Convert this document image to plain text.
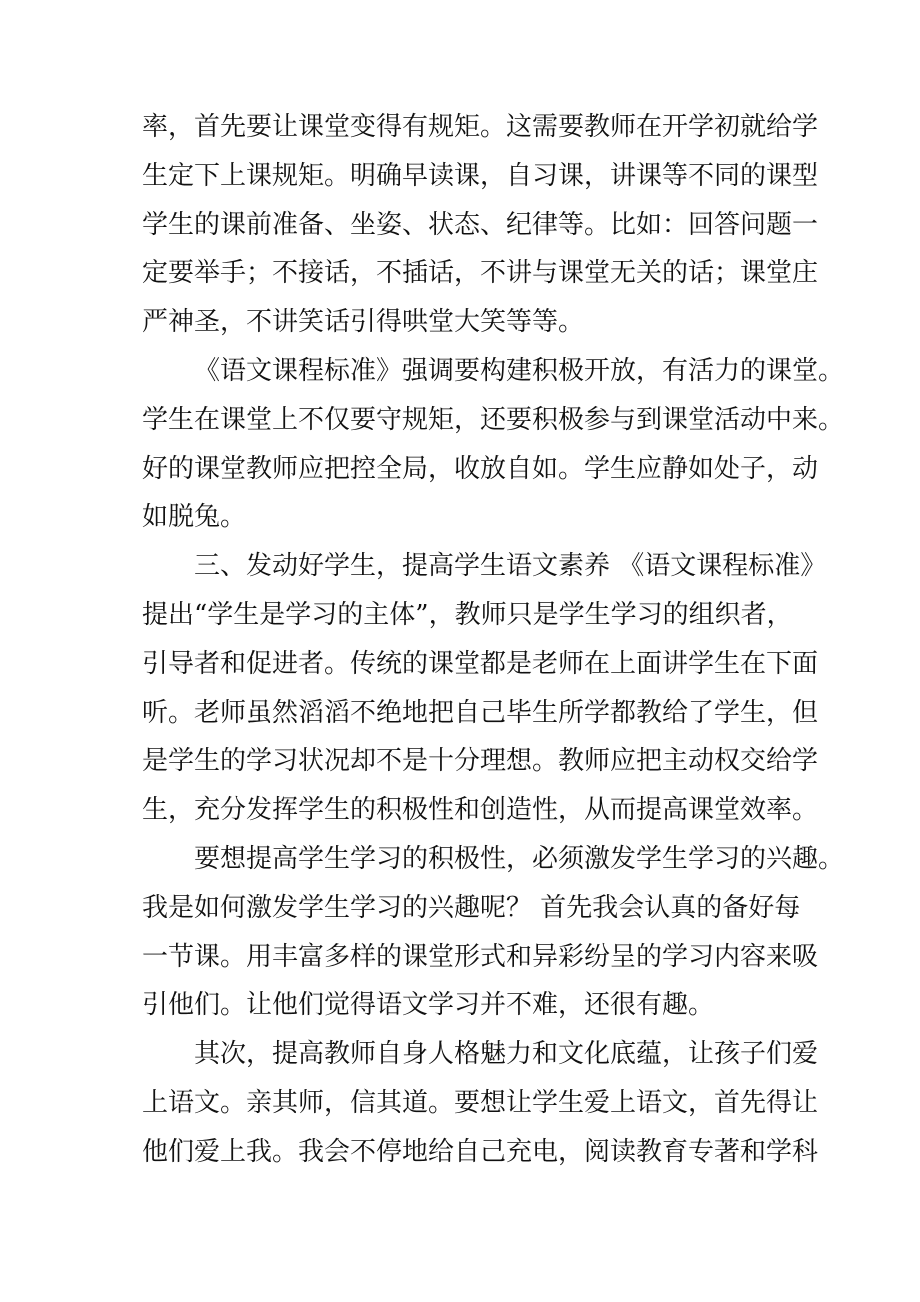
率，首先要让课堂变得有规矩。这需要教师在开学初就给学
生定下上课规矩。明确早读课，自习课，讲课等不同的课型
学生的课前准备、坐姿、状态、纪律等。比如：回答问题一
定要举手；不接话，不插话，不讲与课堂无关的话；课堂庄
严神圣，不讲笑话引得哄堂大笑等等。
《语文课程标准》强调要构建积极开放，有活力的课堂。
学生在课堂上不仅要守规矩，还要积极参与到课堂活动中来。
好的课堂教师应把控全局，收放自如。学生应静如处子，动
如脱兔。
三、发动好学生，提高学生语文素养 《语文课程标准》
提出“学生是学习的主体”，教师只是学生学习的组织者，
引导者和促进者。传统的课堂都是老师在上面讲学生在下面
听。老师虽然滔滔不绝地把自己毕生所学都教给了学生，但
是学生的学习状况却不是十分理想。教师应把主动权交给学
生，充分发挥学生的积极性和创造性，从而提高课堂效率。
要想提高学生学习的积极性，必须激发学生学习的兴趣。
我是如何激发学生学习的兴趣呢？ 首先我会认真的备好每
一节课。用丰富多样的课堂形式和异彩纷呈的学习内容来吸
引他们。让他们觉得语文学习并不难，还很有趣。
其次，提高教师自身人格魅力和文化底蕴，让孩子们爱
上语文。亲其师，信其道。要想让学生爱上语文，首先得让
他们爱上我。我会不停地给自己充电，阅读教育专著和学科
